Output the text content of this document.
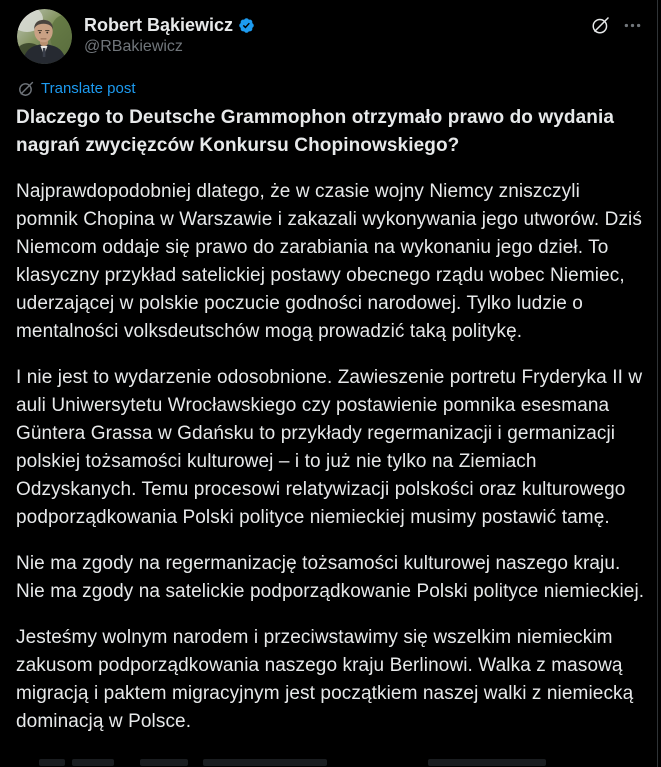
Robert Bąkiewicz
@RBakiewicz
Translate post

Dlaczego to Deutsche Grammophon otrzymało prawo do wydania nagrań zwycięzców Konkursu Chopinowskiego?

Najprawdopodobniej dlatego, że w czasie wojny Niemcy zniszczyli pomnik Chopina w Warszawie i zakazali wykonywania jego utworów. Dziś Niemcom oddaje się prawo do zarabiania na wykonaniu jego dzieł. To klasyczny przykład satelickiej postawy obecnego rządu wobec Niemiec, uderzającej w polskie poczucie godności narodowej. Tylko ludzie o mentalności volksdeutschów mogą prowadzić taką politykę.

I nie jest to wydarzenie odosobnione. Zawieszenie portretu Fryderyka II w auli Uniwersytetu Wrocławskiego czy postawienie pomnika esesmana Güntera Grassa w Gdańsku to przykłady regermanizacji i germanizacji polskiej tożsamości kulturowej – i to już nie tylko na Ziemiach Odzyskanych. Temu procesowi relatywizacji polskości oraz kulturowego podporządkowania Polski polityce niemieckiej musimy postawić tamę.

Nie ma zgody na regermanizację tożsamości kulturowej naszego kraju. Nie ma zgody na satelickie podporządkowanie Polski polityce niemieckiej.

Jesteśmy wolnym narodem i przeciwstawimy się wszelkim niemieckim zakusom podporządkowania naszego kraju Berlinowi. Walka z masową migracją i paktem migracyjnym jest początkiem naszej walki z niemiecką dominacją w Polsce.
